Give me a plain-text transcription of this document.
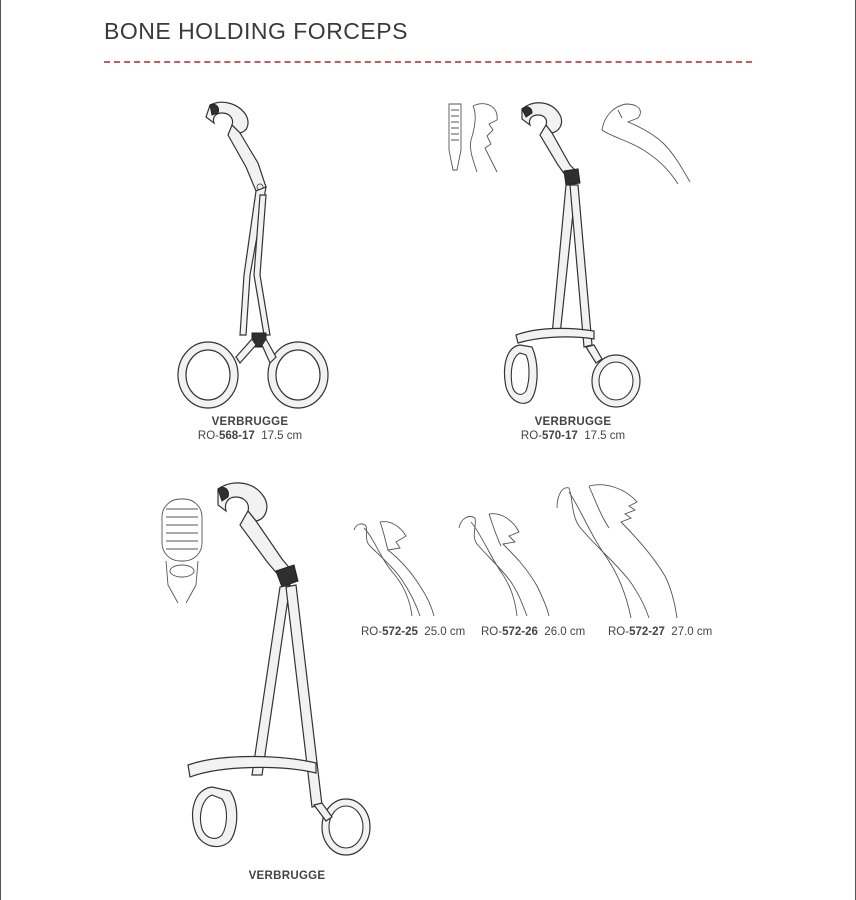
BONE HOLDING FORCEPS
VERBRUGGE
RO-568-17 17.5 cm
VERBRUGGE
RO-570-17 17.5 cm
VERBRUGGE
RO-572-25 25.0 cm RO-572-26 26.0 cm RO-572-27 27.0 cm
